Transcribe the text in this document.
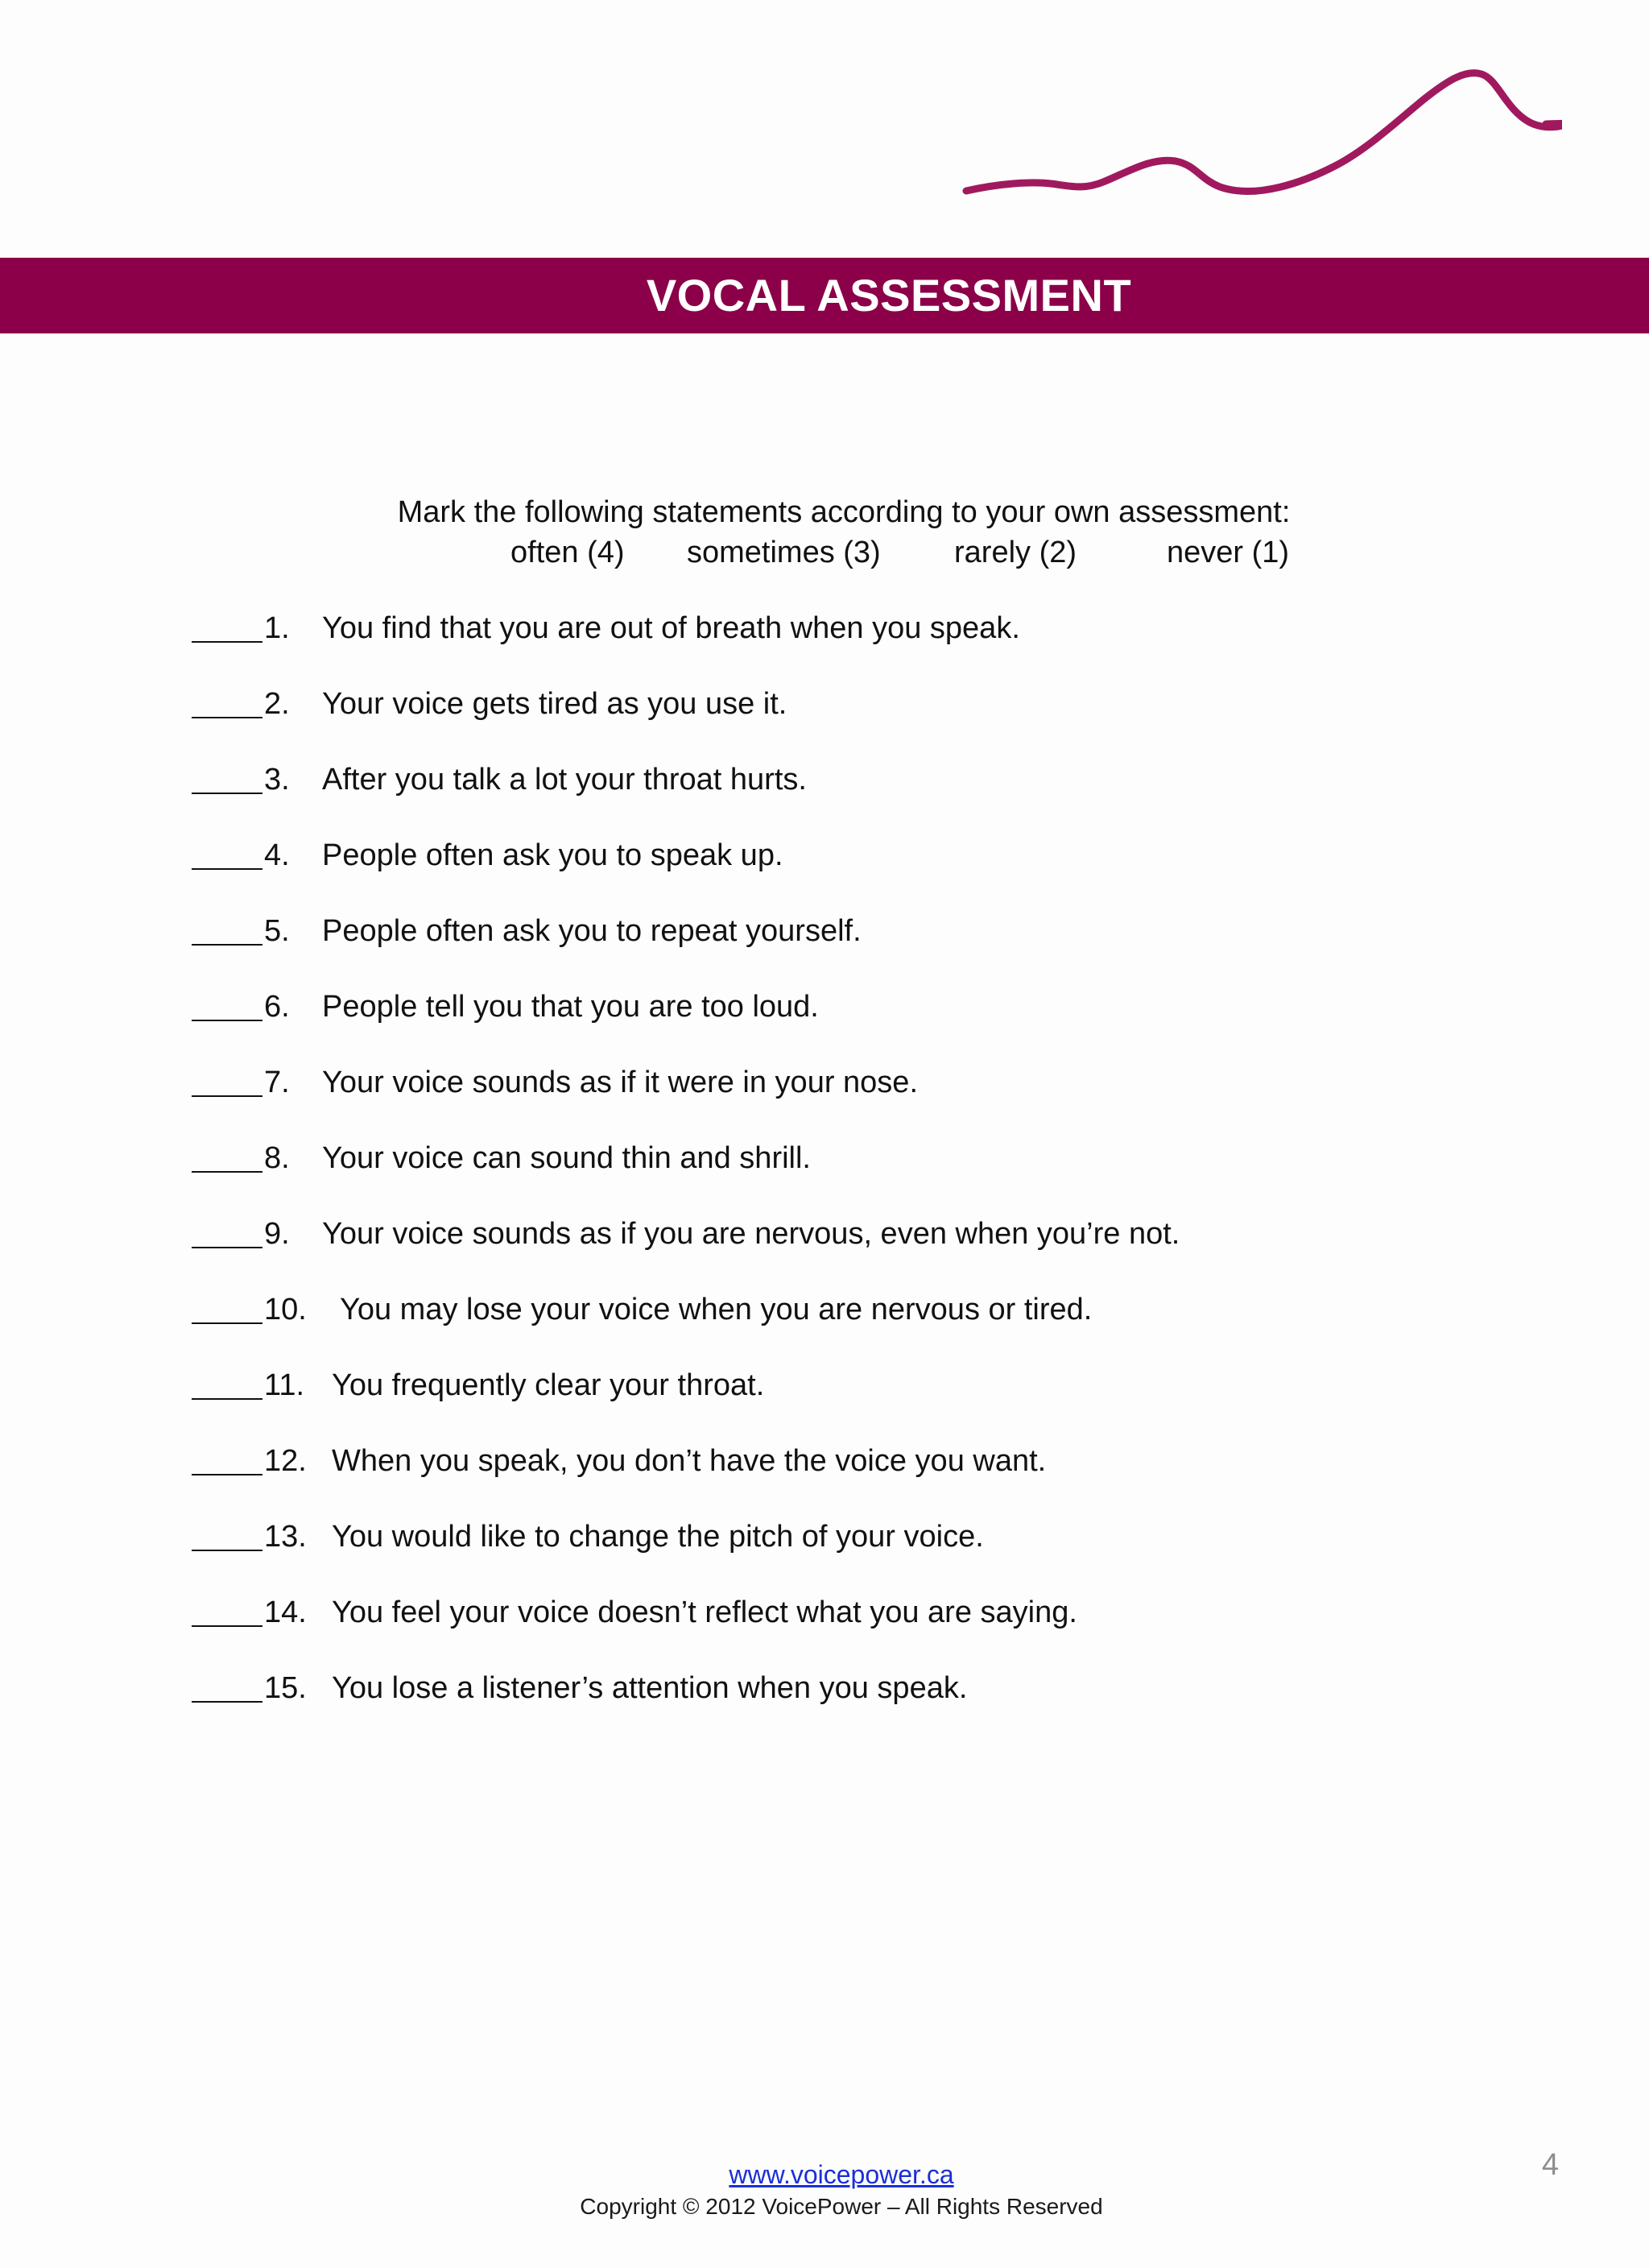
VOCAL ASSESSMENT
Mark the following statements according to your own assessment:
often (4) sometimes (3) rarely (2)	never (1)
1. You find that you are out of breath when you speak.
2. Your voice gets tired as you use it.
3. After you talk a lot your throat hurts.
4. People often ask you to speak up.
5. People often ask you to repeat yourself.
6. People tell you that you are too loud.
7. Your voice sounds as if it were in your nose.
8. Your voice can sound thin and shrill.
9. Your voice sounds as if you are nervous, even when you’re not.
10. You may lose your voice when you are nervous or tired.
11. You frequently clear your throat.
12. When you speak, you don’t have the voice you want.
13. You would like to change the pitch of your voice.
14. You feel your voice doesn’t reflect what you are saying.
15. You lose a listener’s attention when you speak.
www.voicepower.ca
Copyright © 2012 VoicePower – All Rights Reserved
4
